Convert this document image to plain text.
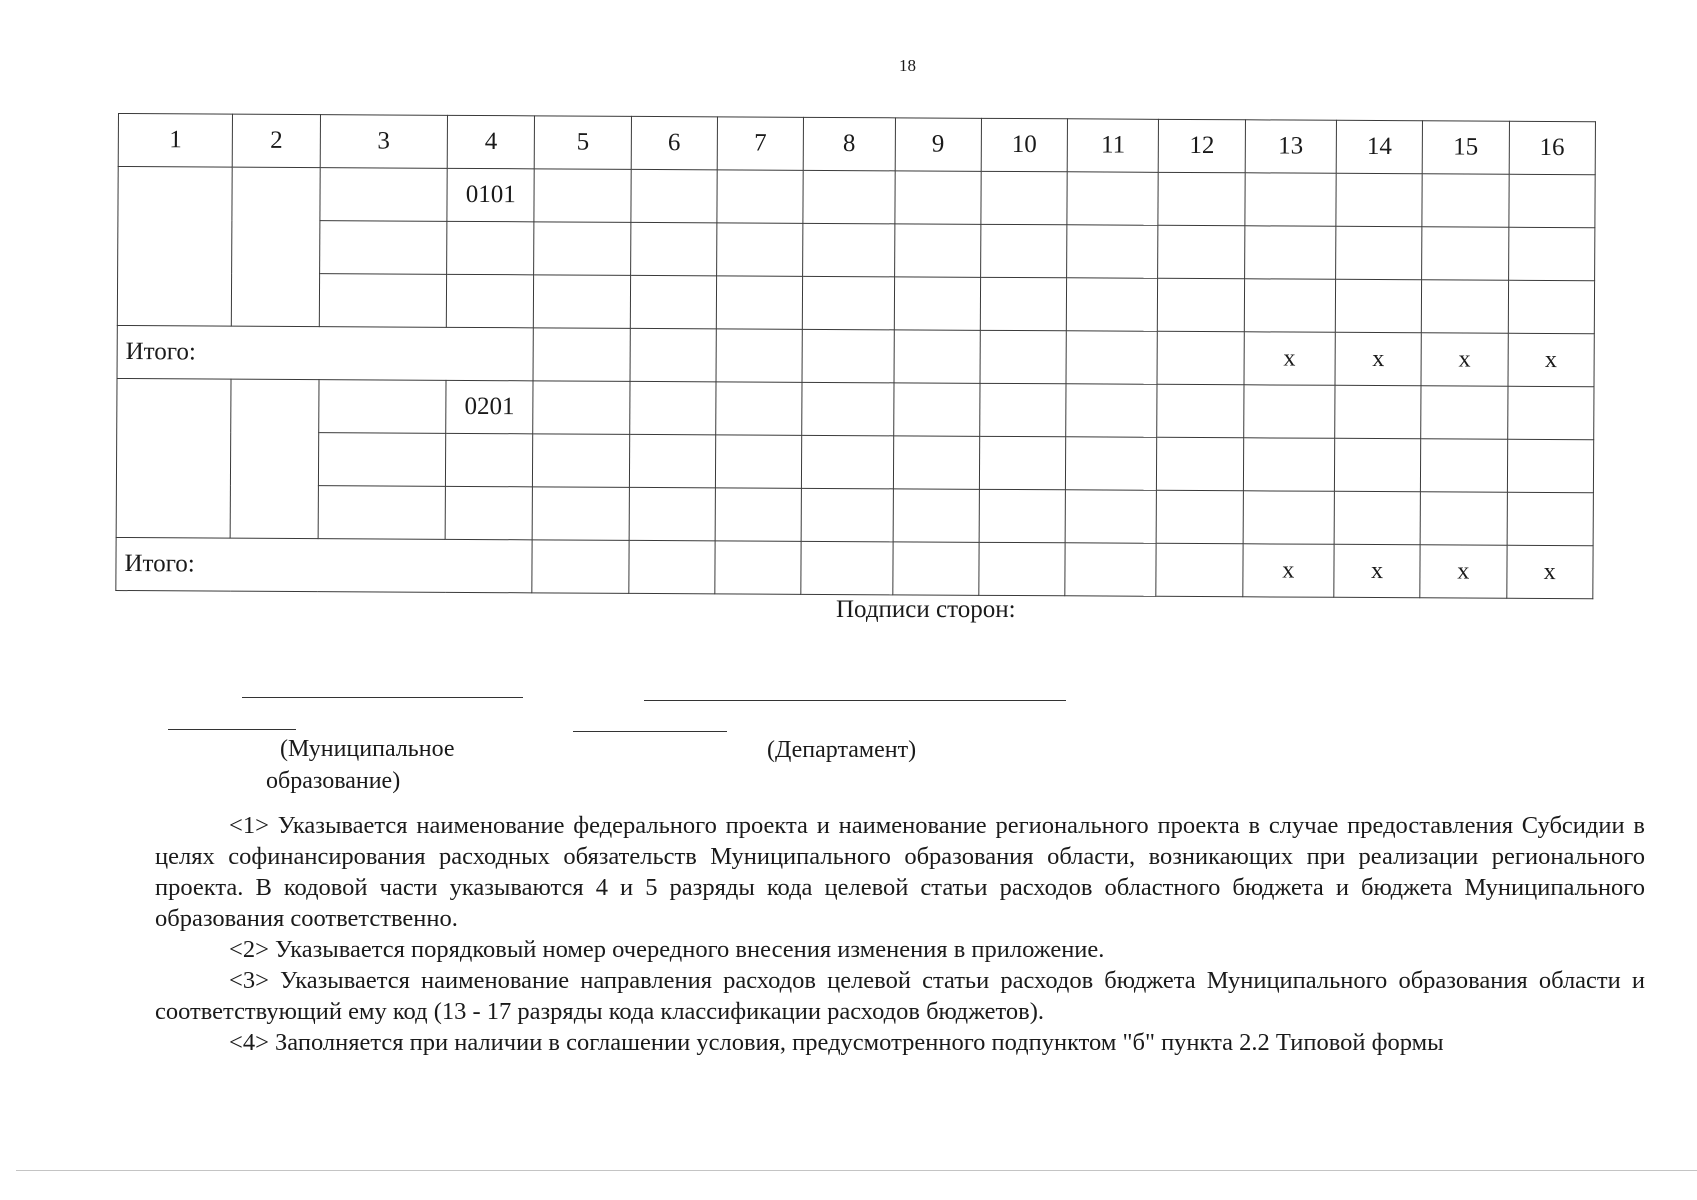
18
1	2	3	4	5	6	7	8	9	10	11	12	13	14	15	16
			0101												

Итого:												x	x	x	x
			0201												

Итого:												x	x	x	x
Подписи сторон:
(Муниципальное
образование)
(Департамент)

<1> Указывается наименование федерального проекта и наименование регионального проекта в случае предоставления Субсидии в целях софинансирования расходных обязательств Муниципального образования области, возникающих при реализации регионального проекта. В кодовой части указываются 4 и 5 разряды кода целевой статьи расходов областного бюджета и бюджета Муниципального образования соответственно.

<2> Указывается порядковый номер очередного внесения изменения в приложение.

<3> Указывается наименование направления расходов целевой статьи расходов бюджета Муниципального образования области и соответствующий ему код (13 - 17 разряды кода классификации расходов бюджетов).

<4> Заполняется при наличии в соглашении условия, предусмотренного подпунктом "б" пункта 2.2 Типовой формы
